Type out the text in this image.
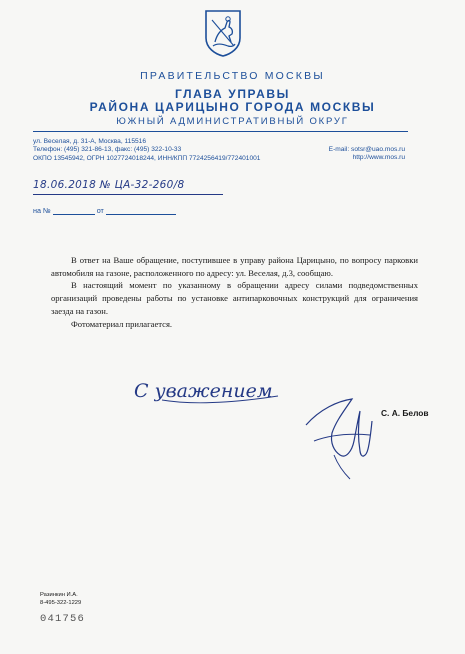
ПРАВИТЕЛЬСТВО МОСКВЫ
ГЛАВА УПРАВЫ
РАЙОНА ЦАРИЦЫНО ГОРОДА МОСКВЫ
ЮЖНЫЙ АДМИНИСТРАТИВНЫЙ ОКРУГ
ул. Веселая, д. 31-А, Москва, 115516
Телефон: (495) 321-86-13, факс: (495) 322-10-33
ОКПО 13545942, ОГРН 1027724018244, ИНН/КПП 7724256419/772401001
E-mail: sotsr@uao.mos.ru
http://www.mos.ru
18.06.2018 № ЦА-32-260/8
на №	от

В ответ на Ваше обращение, поступившее в управу района Царицыно, по вопросу парковки автомобиля на газоне, расположенного по адресу: ул. Веселая, д.3, сообщаю.

В настоящий момент по указанному в обращении адресу силами подведомственных организаций проведены работы по установке антипарковочных конструкций для ограничения заезда на газон.

Фотоматериал прилагается.

С уважением
С. А. Белов
Разинкин И.А.
8-495-322-1229
041756
